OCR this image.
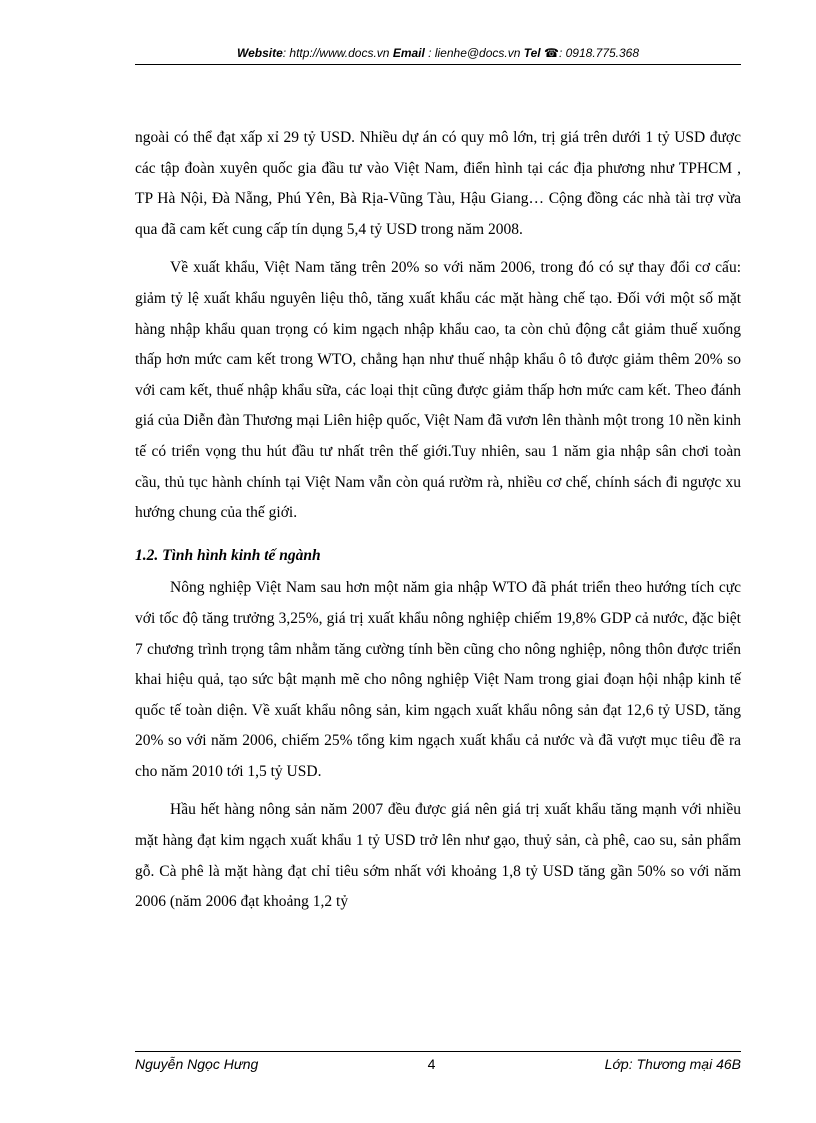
Website: http://www.docs.vn Email : lienhe@docs.vn Tel ☎: 0918.775.368

ngoài có thể đạt xấp xỉ 29 tỷ USD. Nhiều dự án có quy mô lớn, trị giá trên dưới 1 tỷ USD được các tập đoàn xuyên quốc gia đầu tư vào Việt Nam, điển hình tại các địa phương như TPHCM , TP Hà Nội, Đà Nẵng, Phú Yên, Bà Rịa-Vũng Tàu, Hậu Giang… Cộng đồng các nhà tài trợ vừa qua đã cam kết cung cấp tín dụng 5,4 tỷ USD trong năm 2008.

Về xuất khẩu, Việt Nam tăng trên 20% so với năm 2006, trong đó có sự thay đổi cơ cấu: giảm tỷ lệ xuất khẩu nguyên liệu thô, tăng xuất khẩu các mặt hàng chế tạo. Đối với một số mặt hàng nhập khẩu quan trọng có kim ngạch nhập khẩu cao, ta còn chủ động cắt giảm thuế xuống thấp hơn mức cam kết trong WTO, chẳng hạn như thuế nhập khẩu ô tô được giảm thêm 20% so với cam kết, thuế nhập khẩu sữa, các loại thịt cũng được giảm thấp hơn mức cam kết. Theo đánh giá của Diễn đàn Thương mại Liên hiệp quốc, Việt Nam đã vươn lên thành một trong 10 nền kinh tế có triển vọng thu hút đầu tư nhất trên thế giới.Tuy nhiên, sau 1 năm gia nhập sân chơi toàn cầu, thủ tục hành chính tại Việt Nam vẫn còn quá rườm rà, nhiều cơ chế, chính sách đi ngược xu hướng chung của thế giới.

1.2. Tình hình kinh tế ngành

Nông nghiệp Việt Nam sau hơn một năm gia nhập WTO đã phát triển theo hướng tích cực với tốc độ tăng trưởng 3,25%, giá trị xuất khẩu nông nghiệp chiếm 19,8% GDP cả nước, đặc biệt 7 chương trình trọng tâm nhằm tăng cường tính bền cũng cho nông nghiệp, nông thôn được triển khai hiệu quả, tạo sức bật mạnh mẽ cho nông nghiệp Việt Nam trong giai đoạn hội nhập kinh tế quốc tế toàn diện. Về xuất khẩu nông sản, kim ngạch xuất khẩu nông sản đạt 12,6 tỷ USD, tăng 20% so với năm 2006, chiếm 25% tổng kim ngạch xuất khẩu cả nước và đã vượt mục tiêu đề ra cho năm 2010 tới 1,5 tỷ USD.

Hầu hết hàng nông sản năm 2007 đều được giá nên giá trị xuất khẩu tăng mạnh với nhiều mặt hàng đạt kim ngạch xuất khẩu 1 tỷ USD trở lên như gạo, thuỷ sản, cà phê, cao su, sản phẩm gỗ. Cà phê là mặt hàng đạt chỉ tiêu sớm nhất với khoảng 1,8 tỷ USD tăng gần 50% so với năm 2006 (năm 2006 đạt khoảng 1,2 tỷ

Nguyễn Ngọc Hưng	4	Lớp: Thương mại 46B
